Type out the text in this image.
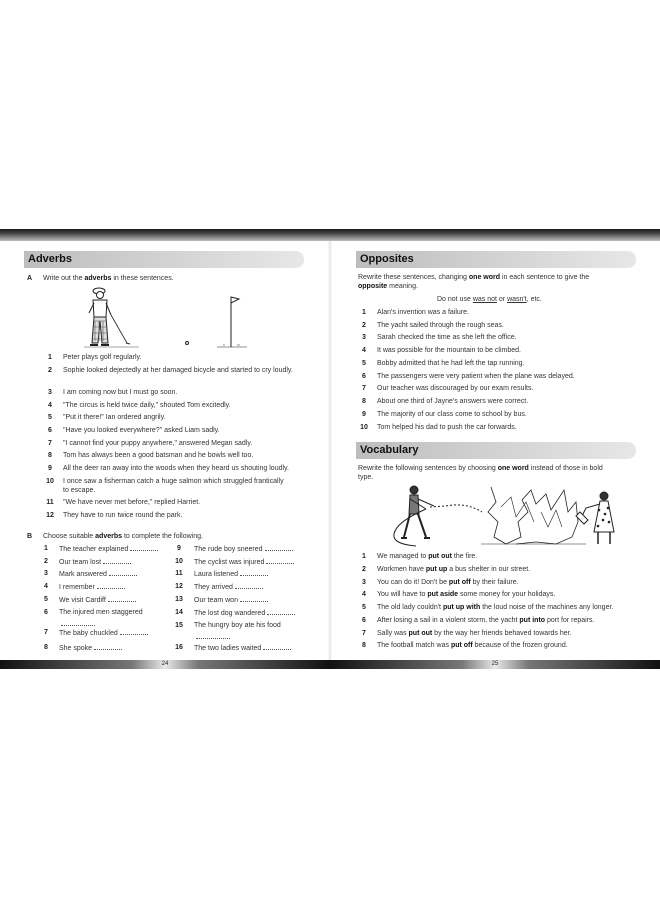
Adverbs
A Write out the adverbs in these sentences.
1	Peter plays golf regularly.
2	Sophie looked dejectedly at her damaged bicycle and started to cry loudly.
3	I am coming now but I must go soon.
4	"The circus is held twice daily," shouted Tom excitedly.
5	"Put it there!" Ian ordered angrily.
6	"Have you looked everywhere?" asked Liam sadly.
7	"I cannot find your puppy anywhere," answered Megan sadly.
8	Tom has always been a good batsman and he bowls well too.
9	All the deer ran away into the woods when they heard us shouting loudly.
10 I once saw a fisherman catch a huge salmon which struggled frantically to escape.
11 "We have never met before," replied Harriet.
12 They have to run twice round the park.
B Choose suitable adverbs to complete the following.
1	The teacher explained
2	Our team lost
3	Mark answered
4	I remember
5	We visit Cardiff
6	The injured men staggered
7	The baby chuckled
8	She spoke
9	The rude boy sneered
10 The cyclist was injured
11 Laura listened
12 They arrived
13 Our team won
14 The lost dog wandered
15 The hungry boy ate his food
16 The two ladies waited
Opposites
Rewrite these sentences, changing one word in each sentence to give the
opposite meaning.
Do not use was not or wasn't, etc.
1	Alan's invention was a failure.
2	The yacht sailed through the rough seas.
3	Sarah checked the time as she left the office.
4	It was possible for the mountain to be climbed.
5	Bobby admitted that he had left the tap running.
6	The passengers were very patient when the plane was delayed.
7	Our teacher was discouraged by our exam results.
8	About one third of Jayne's answers were correct.
9	The majority of our class come to school by bus.
10 Tom helped his dad to push the car forwards.
Vocabulary
Rewrite the following sentences by choosing one word instead of those in bold
type.
1	We managed to put out the fire.
2	Workmen have put up a bus shelter in our street.
3	You can do it! Don't be put off by their failure.
4	You will have to put aside some money for your holidays.
5	The old lady couldn't put up with the loud noise of the machines any longer.
6	After losing a sail in a violent storm, the yacht put into port for repairs.
7	Sally was put out by the way her friends behaved towards her.
8	The football match was put off because of the frozen ground.
24	25
